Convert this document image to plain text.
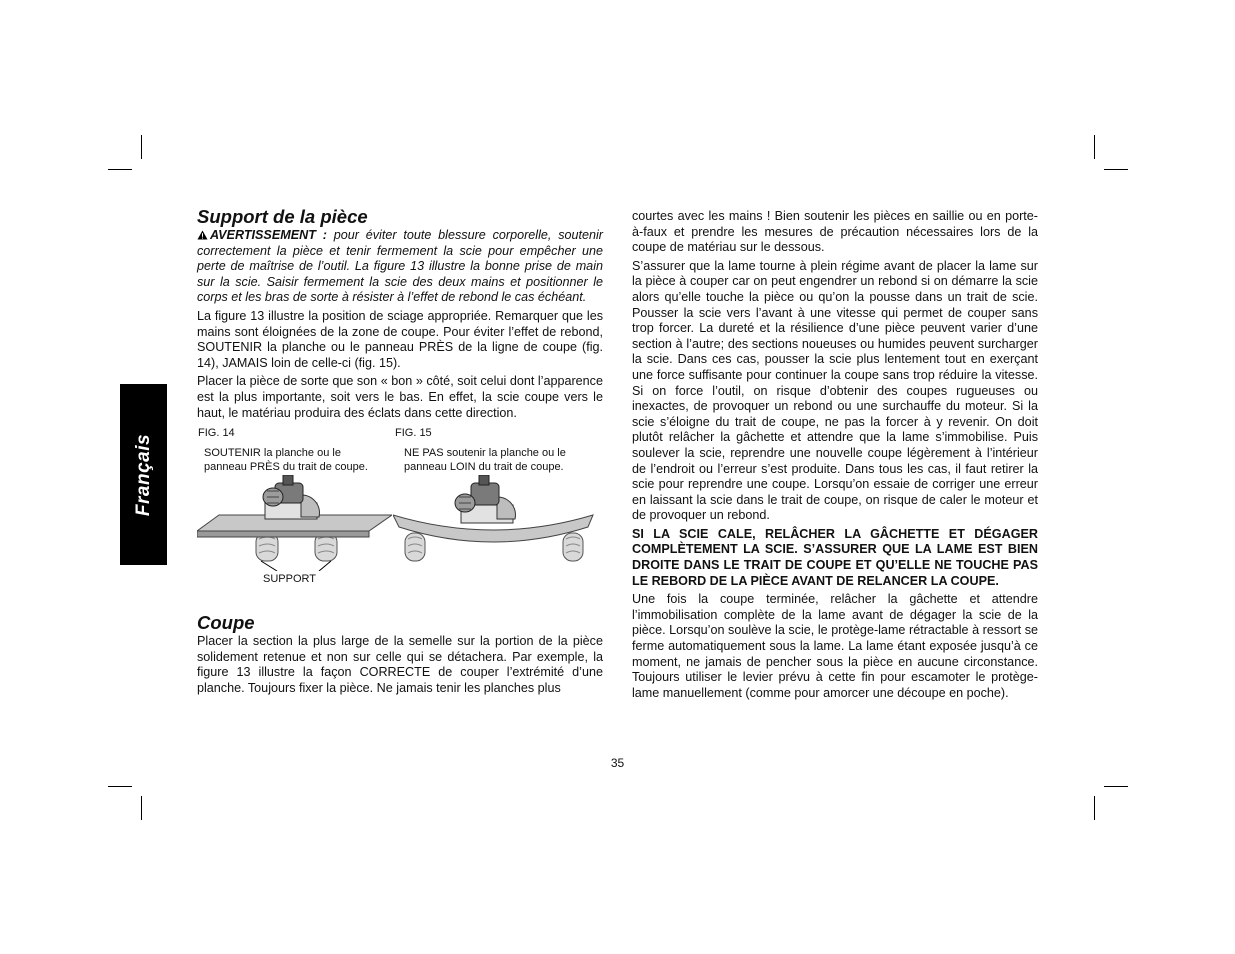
Français
Support de la pièce

AVERTISSEMENT : pour éviter toute blessure corporelle, soutenir correctement la pièce et tenir fermement la scie pour empêcher une perte de maîtrise de l’outil. La figure 13 illustre la bonne prise de main sur la scie. Saisir fermement la scie des deux mains et positionner le corps et les bras de sorte à résister à l’effet de rebond le cas échéant.

La figure 13 illustre la position de sciage appropriée. Remarquer que les mains sont éloignées de la zone de coupe. Pour éviter l’effet de rebond, SOUTENIR la planche ou le panneau PRÈS de la ligne de coupe (fig. 14), JAMAIS loin de celle-ci (fig. 15).

Placer la pièce de sorte que son « bon » côté, soit celui dont l’apparence est la plus importante, soit vers le bas. En effet, la scie coupe vers le haut, le matériau produira des éclats dans cette direction.

FIG. 14
SOUTENIR la planche ou le panneau PRÈS du trait de coupe.
FIG. 15
NE PAS soutenir la planche ou le panneau LOIN du trait de coupe.
SUPPORT
Coupe

Placer la section la plus large de la semelle sur la portion de la pièce solidement retenue et non sur celle qui se détachera. Par exemple, la figure 13 illustre la façon CORRECTE de couper l’extrémité d’une planche. Toujours fixer la pièce. Ne jamais tenir les planches plus

courtes avec les mains ! Bien soutenir les pièces en saillie ou en porte-à-faux et prendre les mesures de précaution nécessaires lors de la coupe de matériau sur le dessous.

S’assurer que la lame tourne à plein régime avant de placer la lame sur la pièce à couper car on peut engendrer un rebond si on démarre la scie alors qu’elle touche la pièce ou qu’on la pousse dans un trait de scie. Pousser la scie vers l’avant à une vitesse qui permet de couper sans trop forcer. La dureté et la résilience d’une pièce peuvent varier d’une section à l’autre; des sections noueuses ou humides peuvent surcharger la scie. Dans ces cas, pousser la scie plus lentement tout en exerçant une force suffisante pour continuer la coupe sans trop réduire la vitesse. Si on force l’outil, on risque d’obtenir des coupes rugueuses ou inexactes, de provoquer un rebond ou une surchauffe du moteur. Si la scie s’éloigne du trait de coupe, ne pas la forcer à y revenir. On doit plutôt relâcher la gâchette et attendre que la lame s’immobilise. Puis soulever la scie, reprendre une nouvelle coupe légèrement à l’intérieur de l’endroit ou l’erreur s’est produite. Dans tous les cas, il faut retirer la scie pour reprendre une coupe. Lorsqu’on essaie de corriger une erreur en laissant la scie dans le trait de coupe, on risque de caler le moteur et de provoquer un rebond.

SI LA SCIE CALE, RELÂCHER LA GÂCHETTE ET DÉGAGER COMPLÈTEMENT LA SCIE. S’ASSURER QUE LA LAME EST BIEN DROITE DANS LE TRAIT DE COUPE ET QU’ELLE NE TOUCHE PAS LE REBORD DE LA PIÈCE AVANT DE RELANCER LA COUPE.

Une fois la coupe terminée, relâcher la gâchette et attendre l’immobilisation complète de la lame avant de dégager la scie de la pièce. Lorsqu’on soulève la scie, le protège-lame rétractable à ressort se ferme automatiquement sous la lame. La lame étant exposée jusqu’à ce moment, ne jamais de pencher sous la pièce en aucune circonstance. Toujours utiliser le levier prévu à cette fin pour escamoter le protège-lame manuellement (comme pour amorcer une découpe en poche).

35
